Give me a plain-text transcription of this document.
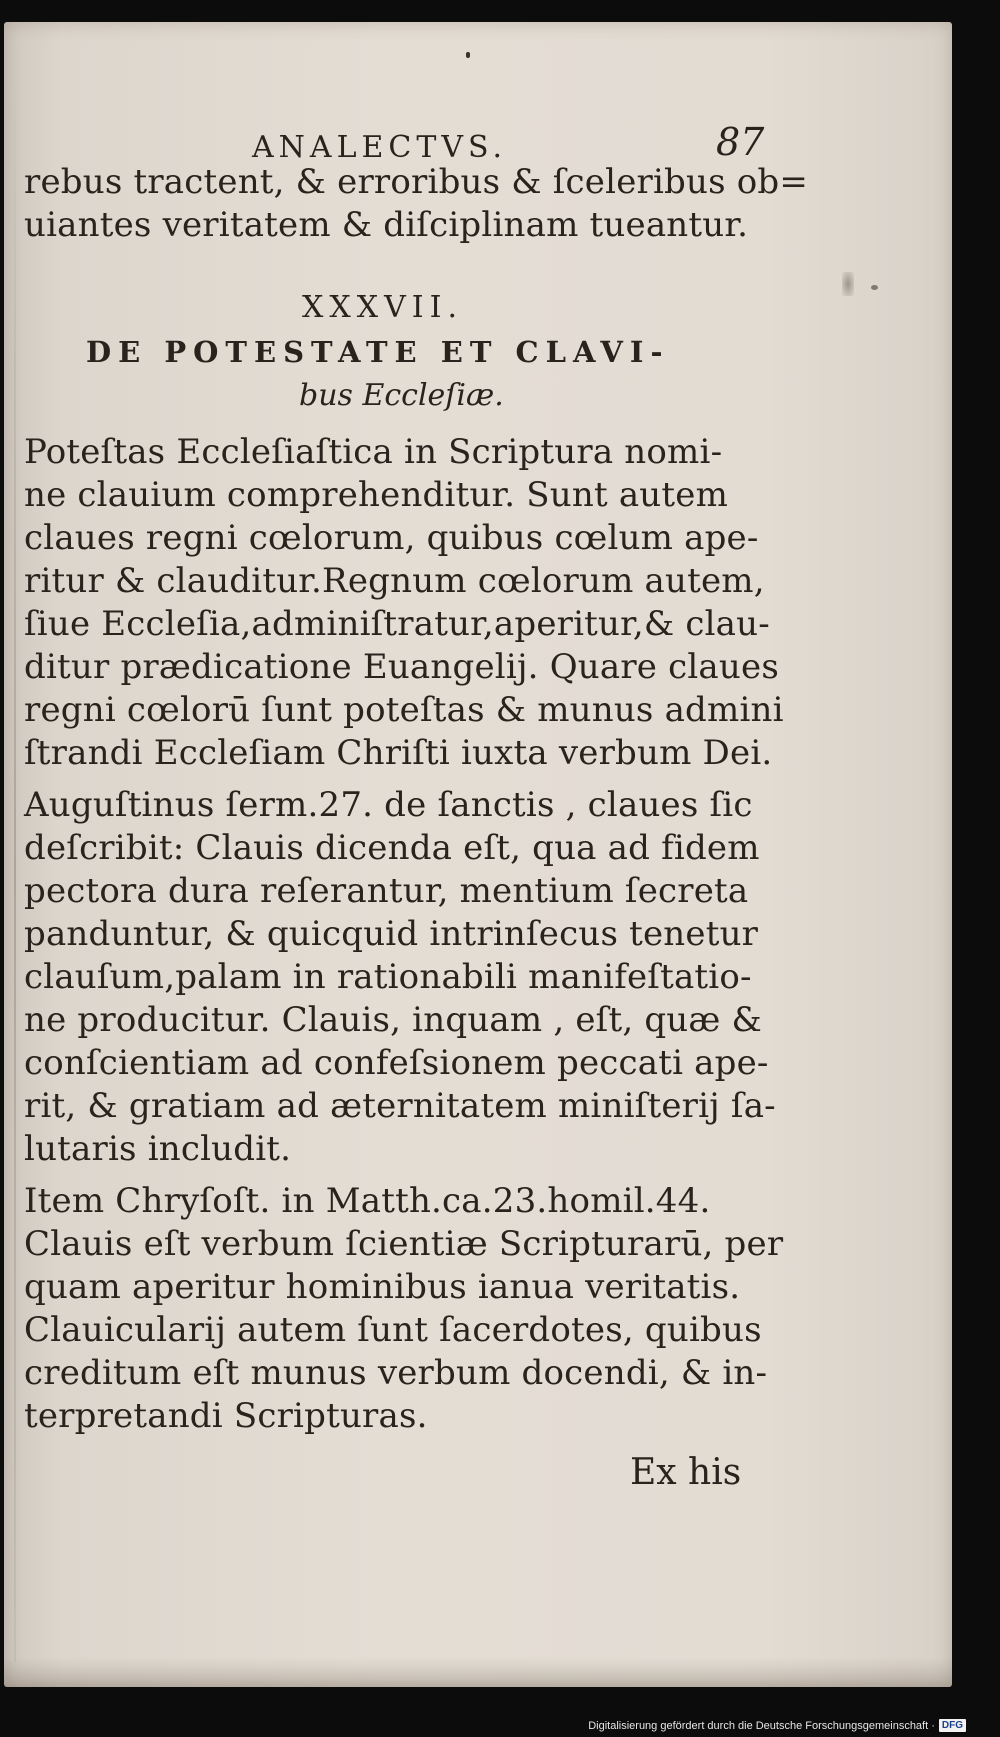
ANALECTVS.	87
rebus tractent, & erroribus & ſceleribus ob=
uiantes veritatem & diſciplinam tueantur.
XXXVII.
DE POTESTATE ET CLAVI-
bus Eccleſiæ.
Poteſtas Eccleſiaſtica in Scriptura nomi-
ne clauium comprehenditur. Sunt autem
claues regni cœlorum, quibus cœlum ape-
ritur & clauditur.Regnum cœlorum autem,
ſiue Eccleſia,adminiſtratur,aperitur,& clau-
ditur prædicatione Euangelij. Quare claues
regni cœlorū ſunt poteſtas & munus admini
ſtrandi Eccleſiam Chriſti iuxta verbum Dei.
Auguſtinus ſerm.27. de ſanctis , claues ſic
deſcribit: Clauis dicenda eſt, qua ad fidem
pectora dura reſerantur, mentium ſecreta
panduntur, & quicquid intrinſecus tenetur
clauſum,palam in rationabili manifeſtatio-
ne producitur. Clauis, inquam , eſt, quæ &
conſcientiam ad confeſsionem peccati ape-
rit, & gratiam ad æternitatem miniſterij ſa-
lutaris includit.
Item Chryſoſt. in Matth.ca.23.homil.44.
Clauis eſt verbum ſcientiæ Scripturarū, per
quam aperitur hominibus ianua veritatis.
Clauicularij autem ſunt ſacerdotes, quibus
creditum eſt munus verbum docendi, & in-
terpretandi Scripturas.
Ex his
Digitalisierung gefördert durch die Deutsche Forschungsgemeinschaft · DFG
